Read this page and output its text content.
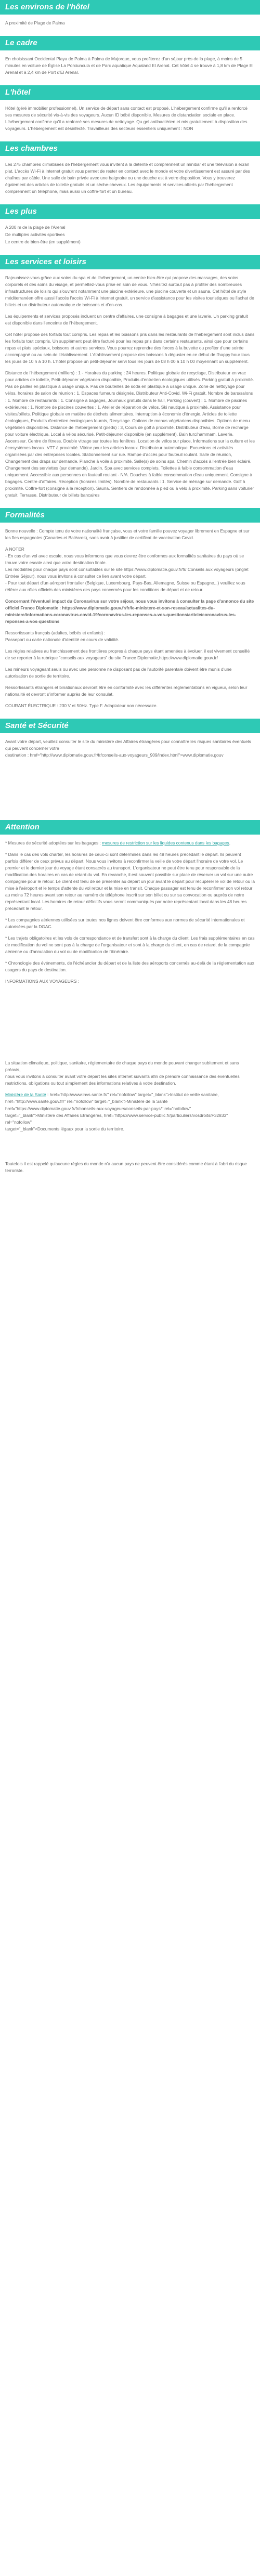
Les environs de l'hôtel

A proximité de Plage de Palma

Le cadre

En choisissant Occidental Playa de Palma à Palma de Majorque, vous profiterez d'un séjour près de la plage, à moins de 5 minutes en voiture de Église La Porciuncula et de Parc aquatique Aqualand El Arenal. Cet hôtel 4 se trouve à 1,8 km de Plage El Arenal et à 2,4 km de Port d'El Arenal.

L'hôtel

Hôtel (géré immobilier professionnel). Un service de départ sans contact est proposé. L'hébergement confirme qu'il a renforcé ses mesures de sécurité vis-à-vis des voyageurs. Aucun ID bébé disponible. Mesures de distanciation sociale en place. L'hébergement confirme qu'il a renforcé ses mesures de nettoyage. Qu gel antibactérien et mis gratuitement à disposition des voyageurs. L'hébergement est désinfecté. Travailleurs des secteurs essentiels uniquement : NON

Les chambres

Les 275 chambres climatisées de l'hébergement vous invitent à la détente et comprennent un minibar et une télévision à écran plat. L'accès Wi-Fi à Internet gratuit vous permet de rester en contact avec le monde et votre divertissement est assuré par des chaînes par câble. Une salle de bain privée avec une baignoire ou une douche est à votre disposition. Vous y trouverez également des articles de toilette gratuits et un sèche-cheveux. Les équipements et services offerts par l'hébergement comprennent un téléphone, mais aussi un coffre-fort et un bureau.

Les plus

A 200 m de la plage de l'Arenal

De multiples activités sportives

Le centre de bien-être (en supplément)

Les services et loisirs

Rajeunissez-vous grâce aux soins du spa et de l'hébergement, un centre bien-être qui propose des massages, des soins corporels et des soins du visage, et permettez-vous prise en soin de vous. N'hésitez surtout pas à profiter des nombreuses infrastructures de loisirs qui s'ouvrent notamment une piscine extérieure, une piscine couverte et un sauna. Cet hôtel de style méditerranéen offre aussi l'accès l'accès Wi-Fi à Internet gratuit, un service d'assistance pour les visites touristiques ou l'achat de billets et un distributeur automatique de boissons et d'en-cas.

Les équipements et services proposés incluent un centre d'affaires, une consigne à bagages et une laverie. Un parking gratuit est disponible dans l'enceinte de l'hébergement.

Cet hôtel propose des forfaits tout compris. Les repas et les boissons pris dans les restaurants de l'hébergement sont inclus dans les forfaits tout compris. Un supplément peut être facturé pour les repas pris dans certains restaurants, ainsi que pour certains repas et plats spéciaux, boissons et autres services. Vous pourrez reprendre des forces à la buvette ou profiter d'une soirée accompagné ou au sein de l'établissement. L'établissement propose des boissons à déguster en ce début de l'happy hour tous les jours de 10 h à 10 h. L'hôtel propose un petit-déjeuner servi tous les jours de 08 h 00 à 10 h 00 moyennant un supplément.

Distance de l'hébergement (milliers) : 1 - Horaires du parking : 24 heures. Politique globale de recyclage, Distributeur en vrac pour articles de toilette, Petit-déjeuner végétarien disponible, Produits d'entretien écologiques utilisés. Parking gratuit à proximité. Pas de pailles en plastique à usage unique. Pas de bouteilles de soda en plastique à usage unique. Zone de nettoyage pour vélos, horaires de salon de réunion : 1. Espaces fumeurs désignés. Distributeur Anti-Covid. Wi-Fi gratuit. Nombre de bars/salons : 1. Nombre de restaurants : 1. Consigne à bagages, Journaux gratuits dans le hall, Parking (couvert) : 1. Nombre de piscines extérieures : 1. Nombre de piscines couvertes : 1. Atelier de réparation de vélos, Ski nautique à proximité. Assistance pour visites/billets. Politique globale en matière de déchets alimentaires. Interruption à économie d'énergie, Articles de toilette écologiques, Produits d'entretien écologiques fournis, Recyclage. Options de menus végétariens disponibles. Options de menu végétalien disponibles. Distance de l'hébergement (pieds) : 3, Cours de golf à proximité. Distributeur d'eau, Borne de recharge pour voiture électrique. Local à vélos sécurisé. Petit-déjeuner disponible (en supplément). Bain turc/hammam. Laverie. Ascenseur. Centre de fitness. Double vitrage sur toutes les fenêtres. Location de vélos sur place, Informations sur la culture et les écosystèmes locaux. VTT à proximité. Vitrine pour les articles locaux. Distributeur automatique. Excursions et activités organisées par des entreprises locales. Stationnement sur rue. Rampe d'accès pour fauteuil roulant. Salle de réunion, Changement des draps sur demande. Planche à voile à proximité. Salle(s) de soins spa. Chemin d'accès à l'entrée bien éclairé. Changement des serviettes (sur demande). Jardin. Spa avec services complets. Toilettes à faible consommation d'eau uniquement. Accessible aux personnes en fauteuil roulant - N/A. Douches à faible consommation d'eau uniquement. Consigne à bagages. Centre d'affaires. Réception (horaires limités). Nombre de restaurants : 1. Service de ménage sur demande. Golf à proximité. Coffre-fort (consigne à la réception). Sauna. Sentiers de randonnée à pied ou à vélo à proximité. Parking sans voiturier gratuit. Terrasse. Distributeur de billets bancaires

Formalités

Bonne nouvelle : Compte tenu de votre nationalité française, vous et votre famille pouvez voyager librement en Espagne et sur les îles espagnoles (Canaries et Baléares), sans avoir à justifier de certificat de vaccination Covid.

A NOTER
- En cas d'un vol avec escale, nous vous informons que vous devrez être conformes aux formalités sanitaires du pays où se trouve votre escale ainsi que votre destination finale.
Les modalités pour chaque pays sont consultables sur le site https://www.diplomatie.gouv.fr/fr/ Conseils aux voyageurs (onglet Entrée/ Séjour), nous vous invitons à consulter ce lien avant votre départ.
- Pour tout départ d'un aéroport frontalier (Belgique, Luxembourg, Pays-Bas, Allemagne, Suisse ou Espagne...) veuillez vous référer aux rôles officiels des ministères des pays concernés pour les conditions de départ et de retour.

Concernant l'éventuel impact du Coronavirus sur votre séjour, nous vous invitons à consulter la page d'annonce du site officiel France Diplomatie : https://www.diplomatie.gouv.fr/fr/le-ministere-et-son-reseau/actualites-du-ministere/informations-coronavirus-covid-19/coronavirus-les-reponses-a-vos-questions/article/coronavirus-les-reponses-a-vos-questions

Ressortissants français (adultes, bébés et enfants) :
Passeport ou carte nationale d'identité en cours de validité.

Les règles relatives au franchissement des frontières propres à chaque pays étant amenées à évoluer, il est vivement conseillé de se reporter à la rubrique "conseils aux voyageurs" du site France Diplomatie,https://www.diplomatie.gouv.fr/

Les mineurs voyageant seuls ou avec une personne ne disposant pas de l'autorité parentale doivent être munis d'une autorisation de sortie de territoire.

Ressortissants étrangers et binationaux devront être en conformité avec les différentes réglementations en vigueur, selon leur nationalité et devront s'informer auprès de leur consulat.

COURANT ÉLECTRIQUE : 230 V et 50Hz. Type F. Adaptateur non nécessaire.

Santé et Sécurité

Avant votre départ, veuillez consulter le site du ministère des Affaires étrangères pour connaître les risques sanitaires éventuels qui peuvent concerner votre
destination : href="http://www.diplomatie.gouv.fr/fr/conseils-aux-voyageurs_909/index.html">www.diplomatie.gouv

Attention

* Mesures de sécurité adoptées sur les bagages : mesures de restriction sur les liquides contenus dans les bagages.

* Dans le cas des vols charter, les horaires de ceux-ci sont déterminés dans les 48 heures précédant le départ. Ils peuvent parfois différer de ceux prévus au départ. Nous vous invitons à reconfirmer la veille de votre départ l'horaire de votre vol. Le premier et le dernier jour du voyage étant consacrés au transport. L'organisateur ne peut être tenu pour responsable de la modification des horaires en cas de retard du vol. En revanche, il est souvent possible sur place de réserver un vol sur une autre compagnie pour le retour. Le client est tenu de se présenter au départ un jour avant le départ pour récupérer le vol de retour ou la mise à l'aéroport et le temps d'attente du vol retour et la mise en transit. Chaque passager est tenu de reconfirmer son vol retour au moins 72 heures avant son retour au numéro de téléphone inscrit sur son billet ou sur sa convocation ou auprès de notre représentant local. Les horaires de retour définitifs vous seront communiqués par notre représentant local dans les 48 heures précédant le retour.

* Les compagnies aériennes utilisées sur toutes nos lignes doivent être conformes aux normes de sécurité internationales et autorisées par la DGAC.

* Les trajets obligatoires et les vols de correspondance et de transfert sont à la charge du client. Les frais supplémentaires en cas de modification du vol ne sont pas à la charge de l'organisateur et sont à la charge du client, en cas de retard, de la compagnie aérienne ou d'annulation du vol ou de modification de l'itinéraire.

* Chronologie des événements, de l'échéancier du départ et de la liste des aéroports concernés au-delà de la réglementation aux usagers du pays de destination.

INFORMATIONS AUX VOYAGEURS :

La situation climatique, politique, sanitaire, réglementaire de chaque pays du monde pouvant changer subitement et sans préavis,
nous vous invitons à consulter avant votre départ les sites internet suivants afin de prendre connaissance des éventuelles restrictions, obligations ou tout simplement des informations relatives à votre destination.

Ministère de la Santé : href="http://www.invs.sante.fr/" rel="nofollow" target="_blank">Institut de veille sanitaire,
href="http://www.sante.gouv.fr/" rel="nofollow" target="_blank">Ministère de la Santé href="https://www.diplomatie.gouv.fr/fr/conseils-aux-voyageurs/conseils-par-pays/" rel="nofollow"
target="_blank">Ministère des Affaires Etrangères, href="https://www.service-public.fr/particuliers/vosdroits/F32833" rel="nofollow"
target="_blank">Documents légaux pour la sortie du territoire.

Toutefois il est rappelé qu'aucune règles du monde n'a aucun pays ne peuvent être considérés comme étant à l'abri du risque terroriste.
